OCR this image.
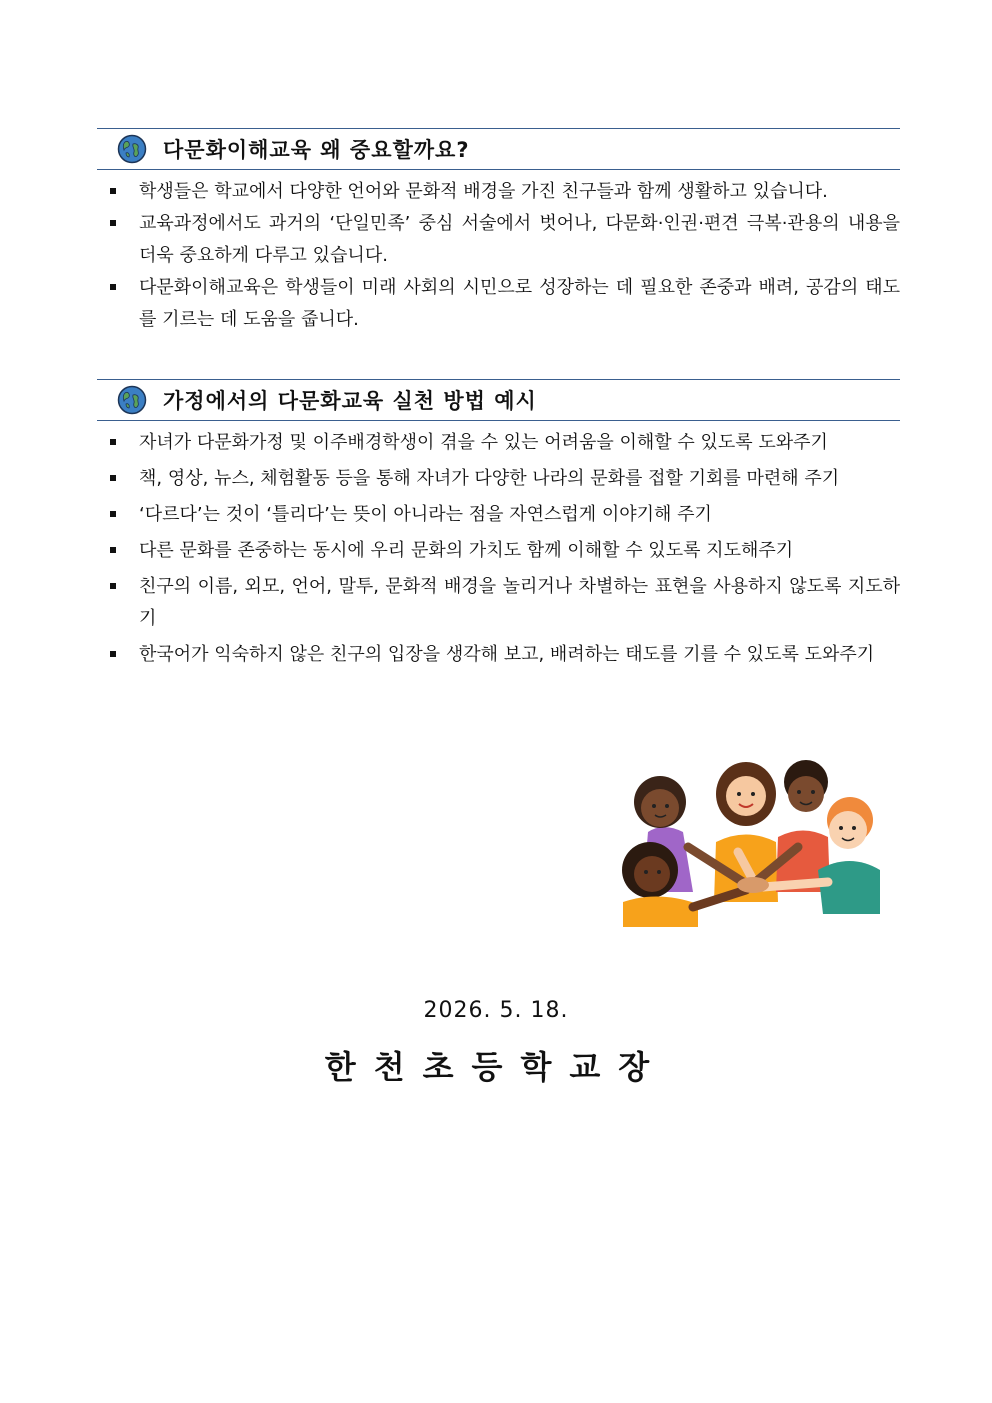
다문화이해교육 왜 중요할까요?
학생들은 학교에서 다양한 언어와 문화적 배경을 가진 친구들과 함께 생활하고 있습니다.
교육과정에서도 과거의 ‘단일민족’ 중심 서술에서 벗어나, 다문화·인권·편견 극복·관용의 내용을 더욱 중요하게 다루고 있습니다.
다문화이해교육은 학생들이 미래 사회의 시민으로 성장하는 데 필요한 존중과 배려, 공감의 태도를 기르는 데 도움을 줍니다.
가정에서의 다문화교육 실천 방법 예시
자녀가 다문화가정 및 이주배경학생이 겪을 수 있는 어려움을 이해할 수 있도록 도와주기
책, 영상, 뉴스, 체험활동 등을 통해 자녀가 다양한 나라의 문화를 접할 기회를 마련해 주기
‘다르다’는 것이 ‘틀리다’는 뜻이 아니라는 점을 자연스럽게 이야기해 주기
다른 문화를 존중하는 동시에 우리 문화의 가치도 함께 이해할 수 있도록 지도해주기
친구의 이름, 외모, 언어, 말투, 문화적 배경을 놀리거나 차별하는 표현을 사용하지 않도록 지도하기
한국어가 익숙하지 않은 친구의 입장을 생각해 보고, 배려하는 태도를 기를 수 있도록 도와주기
2026. 5. 18.
한천초등학교장
